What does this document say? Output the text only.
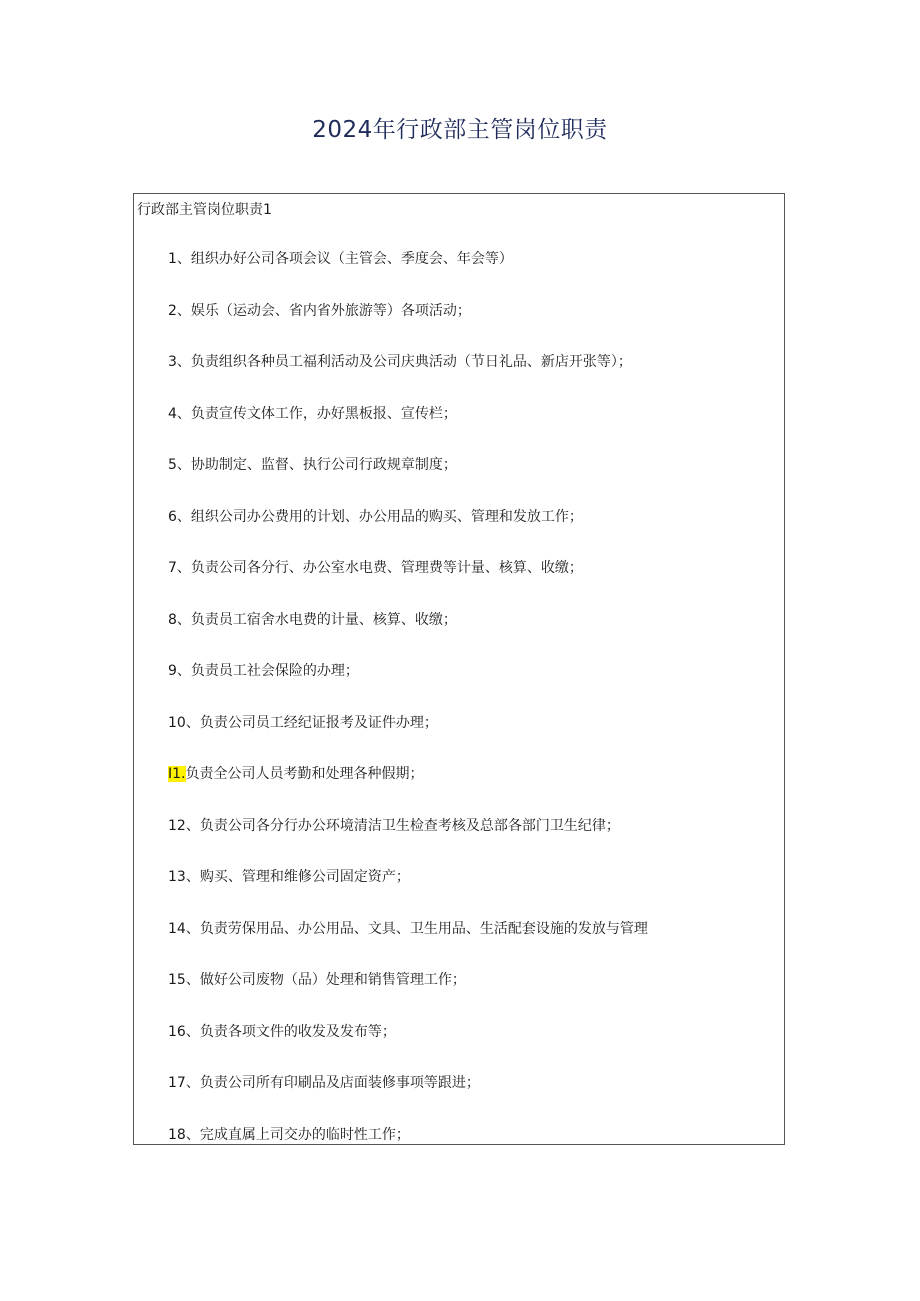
2024年行政部主管岗位职责
行政部主管岗位职责1
1、组织办好公司各项会议（主管会、季度会、年会等）
2、娱乐（运动会、省内省外旅游等）各项活动；
3、负责组织各种员工福利活动及公司庆典活动（节日礼品、新店开张等）；
4、负责宣传文体工作，办好黑板报、宣传栏；
5、协助制定、监督、执行公司行政规章制度；
6、组织公司办公费用的计划、办公用品的购买、管理和发放工作；
7、负责公司各分行、办公室水电费、管理费等计量、核算、收缴；
8、负责员工宿舍水电费的计量、核算、收缴；
9、负责员工社会保险的办理；
10、负责公司员工经纪证报考及证件办理；
I1.负责全公司人员考勤和处理各种假期；
12、负责公司各分行办公环境清洁卫生检查考核及总部各部门卫生纪律；
13、购买、管理和维修公司固定资产；
14、负责劳保用品、办公用品、文具、卫生用品、生活配套设施的发放与管理
15、做好公司废物（品）处理和销售管理工作；
16、负责各项文件的收发及发布等；
17、负责公司所有印刷品及店面装修事项等跟进；
18、完成直属上司交办的临时性工作；
